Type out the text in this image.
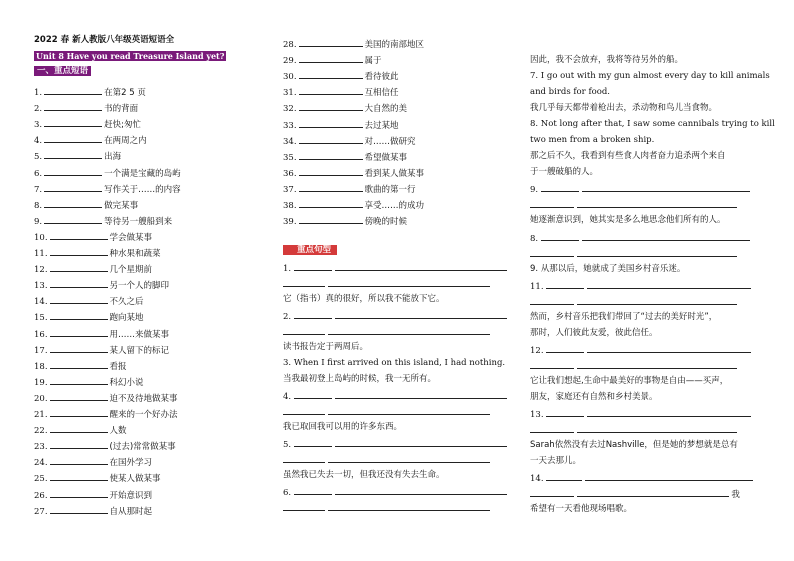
2022 春 新人教版八年级英语短语全
Unit 8 Have you read Treasure Island yet?
一、重点短语
1.	在第2 5 页
2.	书的背面
3.	赶快;匆忙
4.	在两周之内
5.	出海
6.	一个满是宝藏的岛屿
7.	写作关于……的内容
8.	做完某事
9.	等待另一艘船到来
10.	学会做某事
11.	种水果和蔬菜
12.	几个星期前
13.	另一个人的脚印
14.	不久之后
15.	跑向某地
16.	用……来做某事
17.	某人留下的标记
18.	看报
19.	科幻小说
20.	迫不及待地做某事
21.	醒来的一个好办法
22.	人数
23.	(过去)常常做某事
24.	在国外学习
25.	使某人做某事
26.	开始意识到
27.	自从那时起
28.	美国的南部地区
29.	属于
30.	看待彼此
31.	互相信任
32.	大自然的美
33.	去过某地
34.	对……做研究
35.	希望做某事
36.	看到某人做某事
37.	歌曲的第一行
38.	享受……的成功
39.	傍晚的时候
重点句型
1.

它（指书）真的很好，所以我不能放下它。
2.

读书报告定于两周后。
3. When I first arrived on this island, I had nothing.
当我最初登上岛屿的时候，我一无所有。
4.

我已取回我可以用的许多东西。
5.

虽然我已失去一切，但我还没有失去生命。
6.

因此，我不会放弃，我将等待另外的船。
7. I go out with my gun almost every day to kill animals
and birds for food.
我几乎每天都带着枪出去，杀动物和鸟儿当食物。
8. Not long after that, I saw some cannibals trying to kill
two men from a broken ship.
那之后不久，我看到有些食人肉者奋力追杀两个来自
于一艘破船的人。
9.

她逐渐意识到，她其实是多么地思念他们所有的人。
8.

9. 从那以后，她就成了美国乡村音乐迷。
11.

然而，乡村音乐把我们带回了“过去的美好时光”，
那时，人们彼此友爱，彼此信任。
12.

它让我们想起,生命中最美好的事物是自由——买声，
朋友，家庭还有自然和乡村美景。
13.

Sarah依然没有去过Nashville，但是她的梦想就是总有
一天去那儿。
14.
我
希望有一天看他现场唱歌。
